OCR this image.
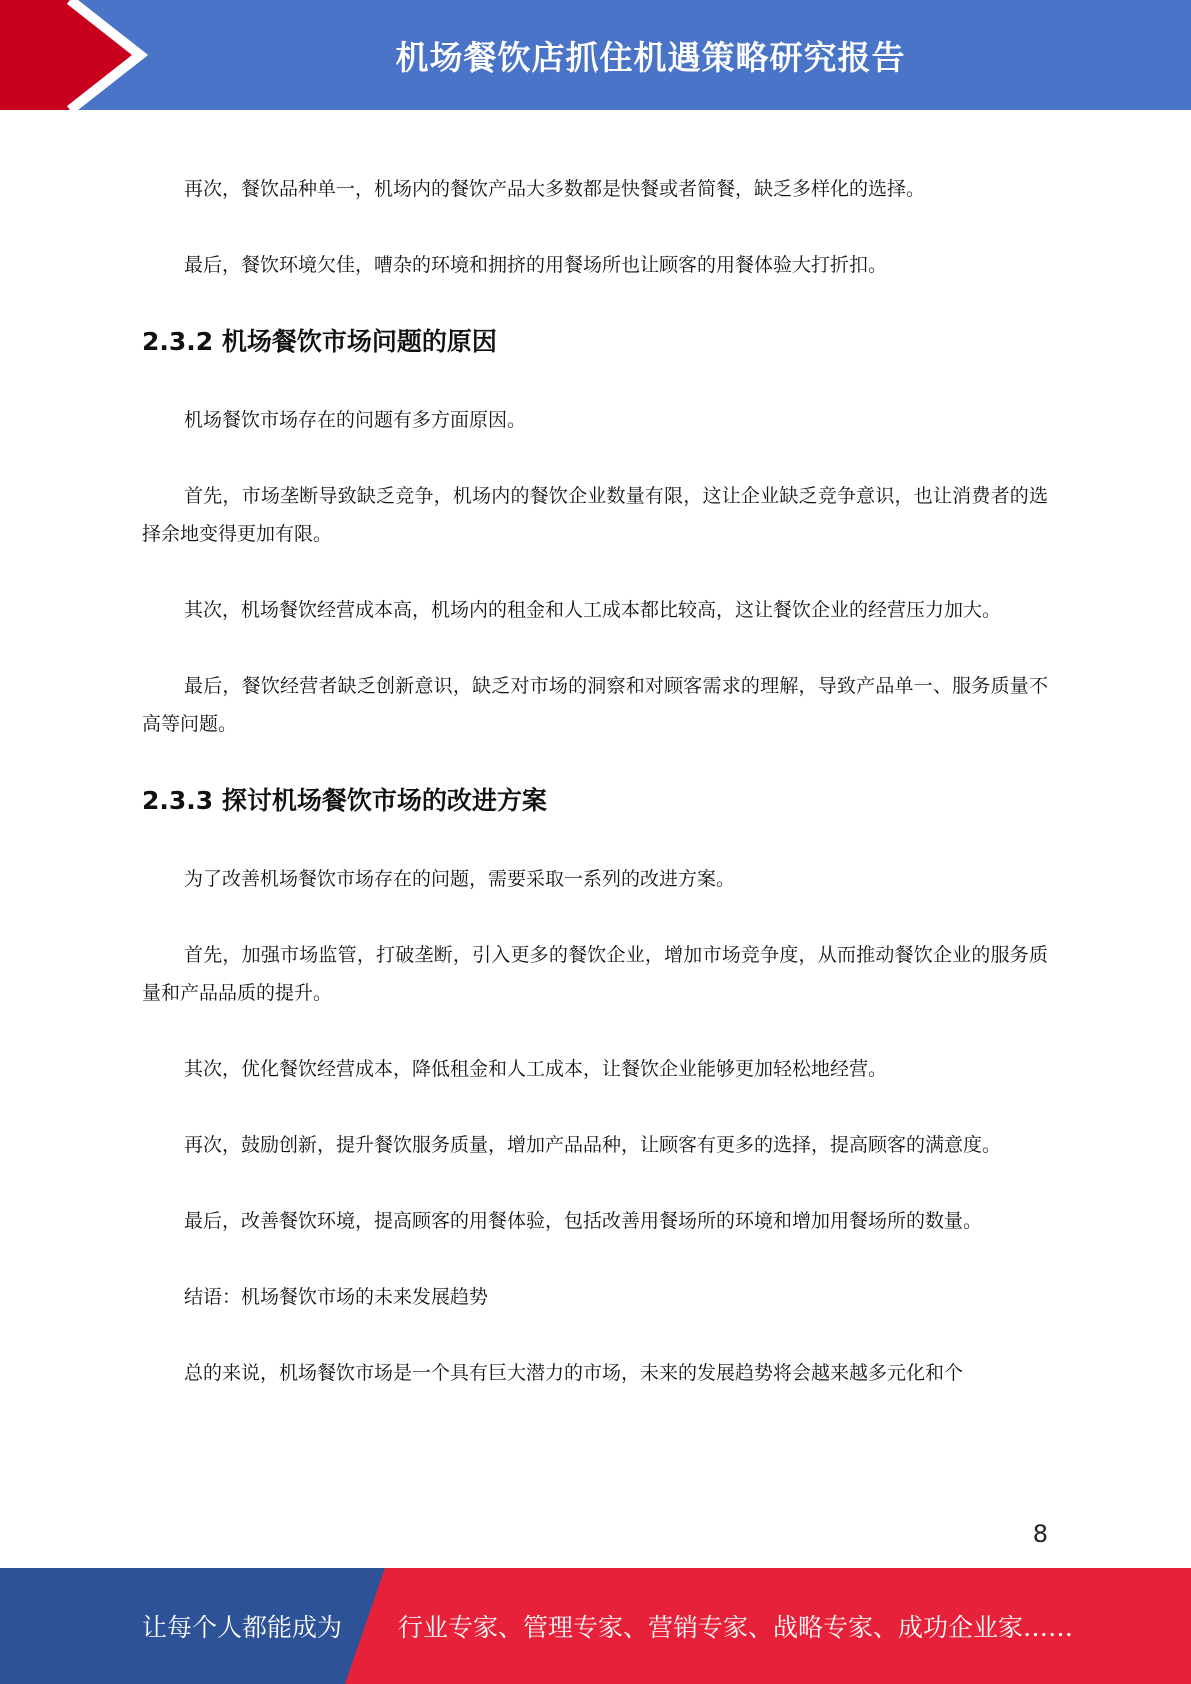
机场餐饮店抓住机遇策略研究报告

再次，餐饮品种单一，机场内的餐饮产品大多数都是快餐或者简餐，缺乏多样化的选择。

最后，餐饮环境欠佳，嘈杂的环境和拥挤的用餐场所也让顾客的用餐体验大打折扣。

2.3.2 机场餐饮市场问题的原因

机场餐饮市场存在的问题有多方面原因。

首先，市场垄断导致缺乏竞争，机场内的餐饮企业数量有限，这让企业缺乏竞争意识，也让消费者的选择余地变得更加有限。

其次，机场餐饮经营成本高，机场内的租金和人工成本都比较高，这让餐饮企业的经营压力加大。

最后，餐饮经营者缺乏创新意识，缺乏对市场的洞察和对顾客需求的理解，导致产品单一、服务质量不高等问题。

2.3.3 探讨机场餐饮市场的改进方案

为了改善机场餐饮市场存在的问题，需要采取一系列的改进方案。

首先，加强市场监管，打破垄断，引入更多的餐饮企业，增加市场竞争度，从而推动餐饮企业的服务质量和产品品质的提升。

其次，优化餐饮经营成本，降低租金和人工成本，让餐饮企业能够更加轻松地经营。

再次，鼓励创新，提升餐饮服务质量，增加产品品种，让顾客有更多的选择，提高顾客的满意度。

最后，改善餐饮环境，提高顾客的用餐体验，包括改善用餐场所的环境和增加用餐场所的数量。

结语：机场餐饮市场的未来发展趋势

总的来说，机场餐饮市场是一个具有巨大潜力的市场，未来的发展趋势将会越来越多元化和个

8
让每个人都能成为 行业专家、管理专家、营销专家、战略专家、成功企业家……
